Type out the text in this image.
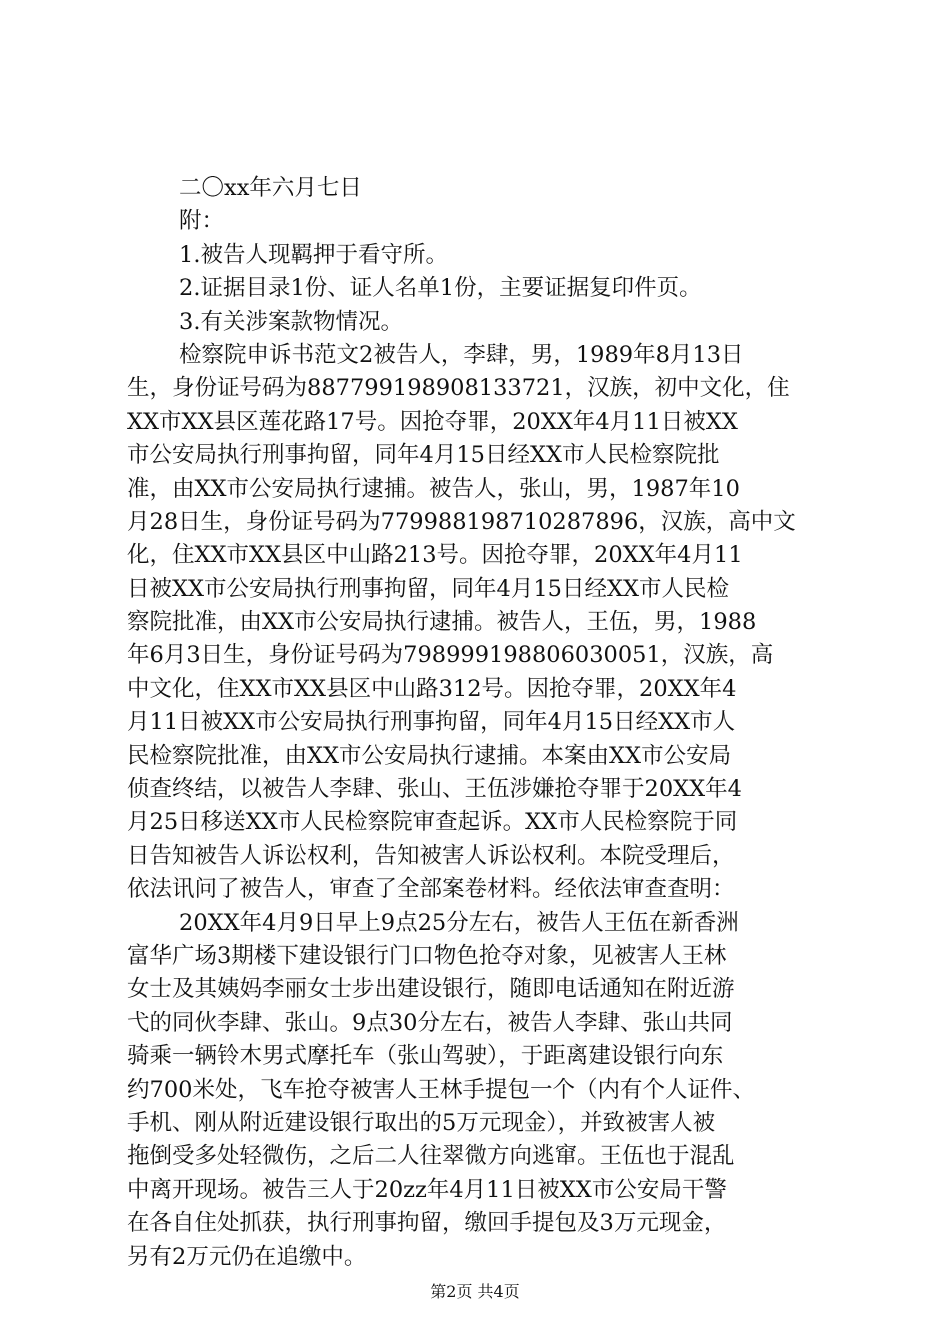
二〇xx年六月七日
附：
1.被告人现羁押于看守所。
2.证据目录1份、证人名单1份，主要证据复印件页。
3.有关涉案款物情况。
检察院申诉书范文2被告人，李肆，男，1989年8月13日
生，身份证号码为887799198908133721，汉族，初中文化，住
XX市XX县区莲花路17号。因抢夺罪，20XX年4月11日被XX
市公安局执行刑事拘留，同年4月15日经XX市人民检察院批
准，由XX市公安局执行逮捕。被告人，张山，男，1987年10
月28日生，身份证号码为779988198710287896，汉族，高中文
化，住XX市XX县区中山路213号。因抢夺罪，20XX年4月11
日被XX市公安局执行刑事拘留，同年4月15日经XX市人民检
察院批准，由XX市公安局执行逮捕。被告人，王伍，男，1988
年6月3日生，身份证号码为798999198806030051，汉族，高
中文化，住XX市XX县区中山路312号。因抢夺罪，20XX年4
月11日被XX市公安局执行刑事拘留，同年4月15日经XX市人
民检察院批准，由XX市公安局执行逮捕。本案由XX市公安局
侦查终结，以被告人李肆、张山、王伍涉嫌抢夺罪于20XX年4
月25日移送XX市人民检察院审查起诉。XX市人民检察院于同
日告知被告人诉讼权利，告知被害人诉讼权利。本院受理后，
依法讯问了被告人，审查了全部案卷材料。经依法审查查明：
20XX年4月9日早上9点25分左右，被告人王伍在新香洲
富华广场3期楼下建设银行门口物色抢夺对象，见被害人王林
女士及其姨妈李丽女士步出建设银行，随即电话通知在附近游
弋的同伙李肆、张山。9点30分左右，被告人李肆、张山共同
骑乘一辆铃木男式摩托车（张山驾驶），于距离建设银行向东
约700米处，飞车抢夺被害人王林手提包一个（内有个人证件、
手机、刚从附近建设银行取出的5万元现金），并致被害人被
拖倒受多处轻微伤，之后二人往翠微方向逃窜。王伍也于混乱
中离开现场。被告三人于20zz年4月11日被XX市公安局干警
在各自住处抓获，执行刑事拘留，缴回手提包及3万元现金，
另有2万元仍在追缴中。
第2页 共4页
